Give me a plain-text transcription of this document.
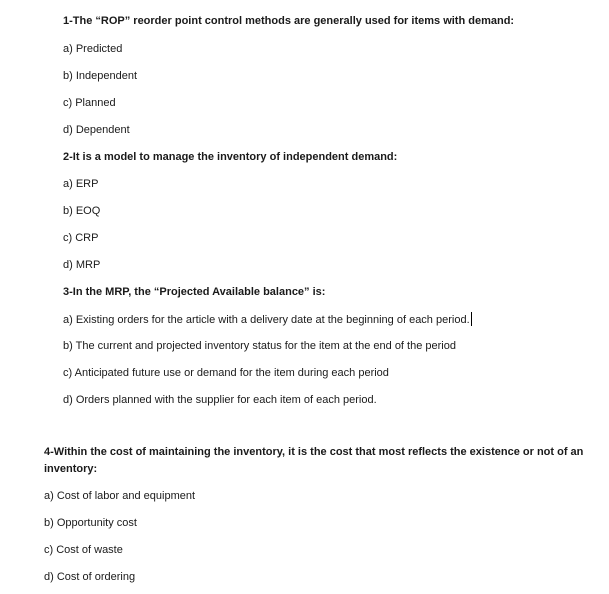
1-The “ROP” reorder point control methods are generally used for items with demand:
a) Predicted
b) Independent
c) Planned
d) Dependent
2-It is a model to manage the inventory of independent demand:
a) ERP
b) EOQ
c) CRP
d) MRP
3-In the MRP, the “Projected Available balance” is:
a) Existing orders for the article with a delivery date at the beginning of each period.
b) The current and projected inventory status for the item at the end of the period
c) Anticipated future use or demand for the item during each period
d) Orders planned with the supplier for each item of each period.
4-Within the cost of maintaining the inventory, it is the cost that most reflects the existence or not of an inventory:
a) Cost of labor and equipment
b) Opportunity cost
c) Cost of waste
d) Cost of ordering
